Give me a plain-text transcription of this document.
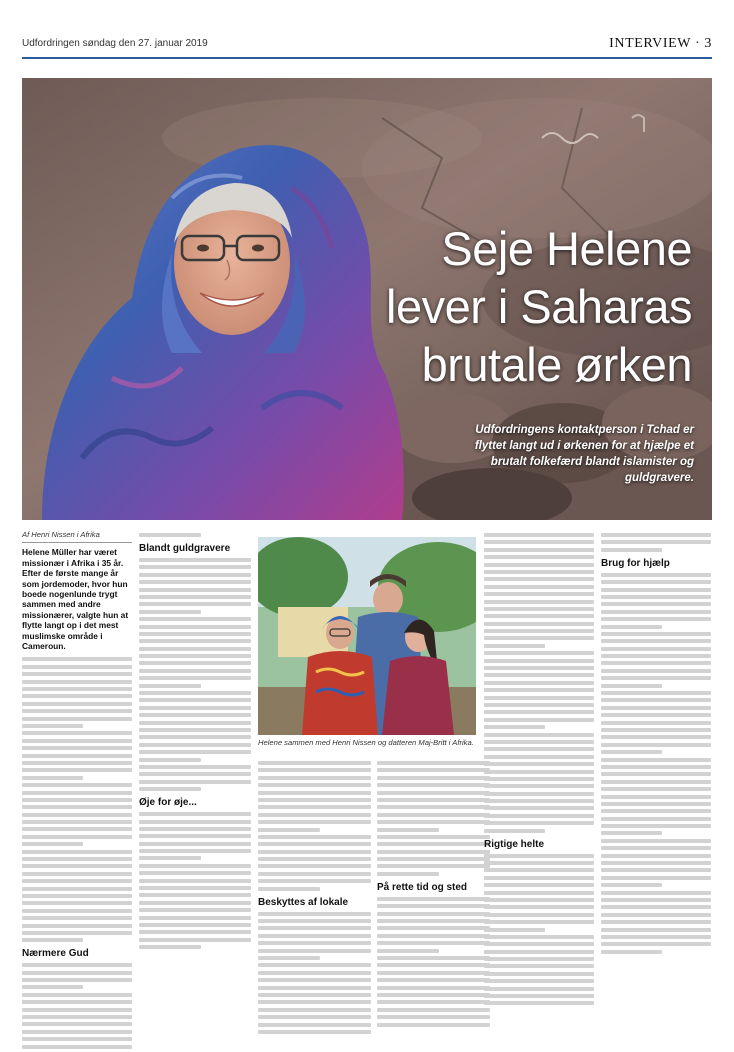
Udfordringen søndag den 27. januar 2019	INTERVIEW · 3
Seje Helene
lever i Saharas
brutale ørken
Udfordringens kontaktperson i Tchad er flyttet langt ud i ørkenen for at hjælpe et brutalt folkefærd blandt islamister og guldgravere.
Af Henri Nissen i Afrika
Helene Müller har været missionær i Afrika i 35 år. Efter de første mange år som jordemoder, hvor hun boede nogenlunde trygt sammen med andre missionærer, valgte hun at flytte langt op i det mest muslimske område i Cameroun.
Nærmere Gud
Blandt guldgravere
Øje for øje...
Helene sammen med Henri Nissen og datteren Maj-Britt i Afrika.
Beskyttes af lokale
På rette tid og sted
Rigtige helte
Brug for hjælp
